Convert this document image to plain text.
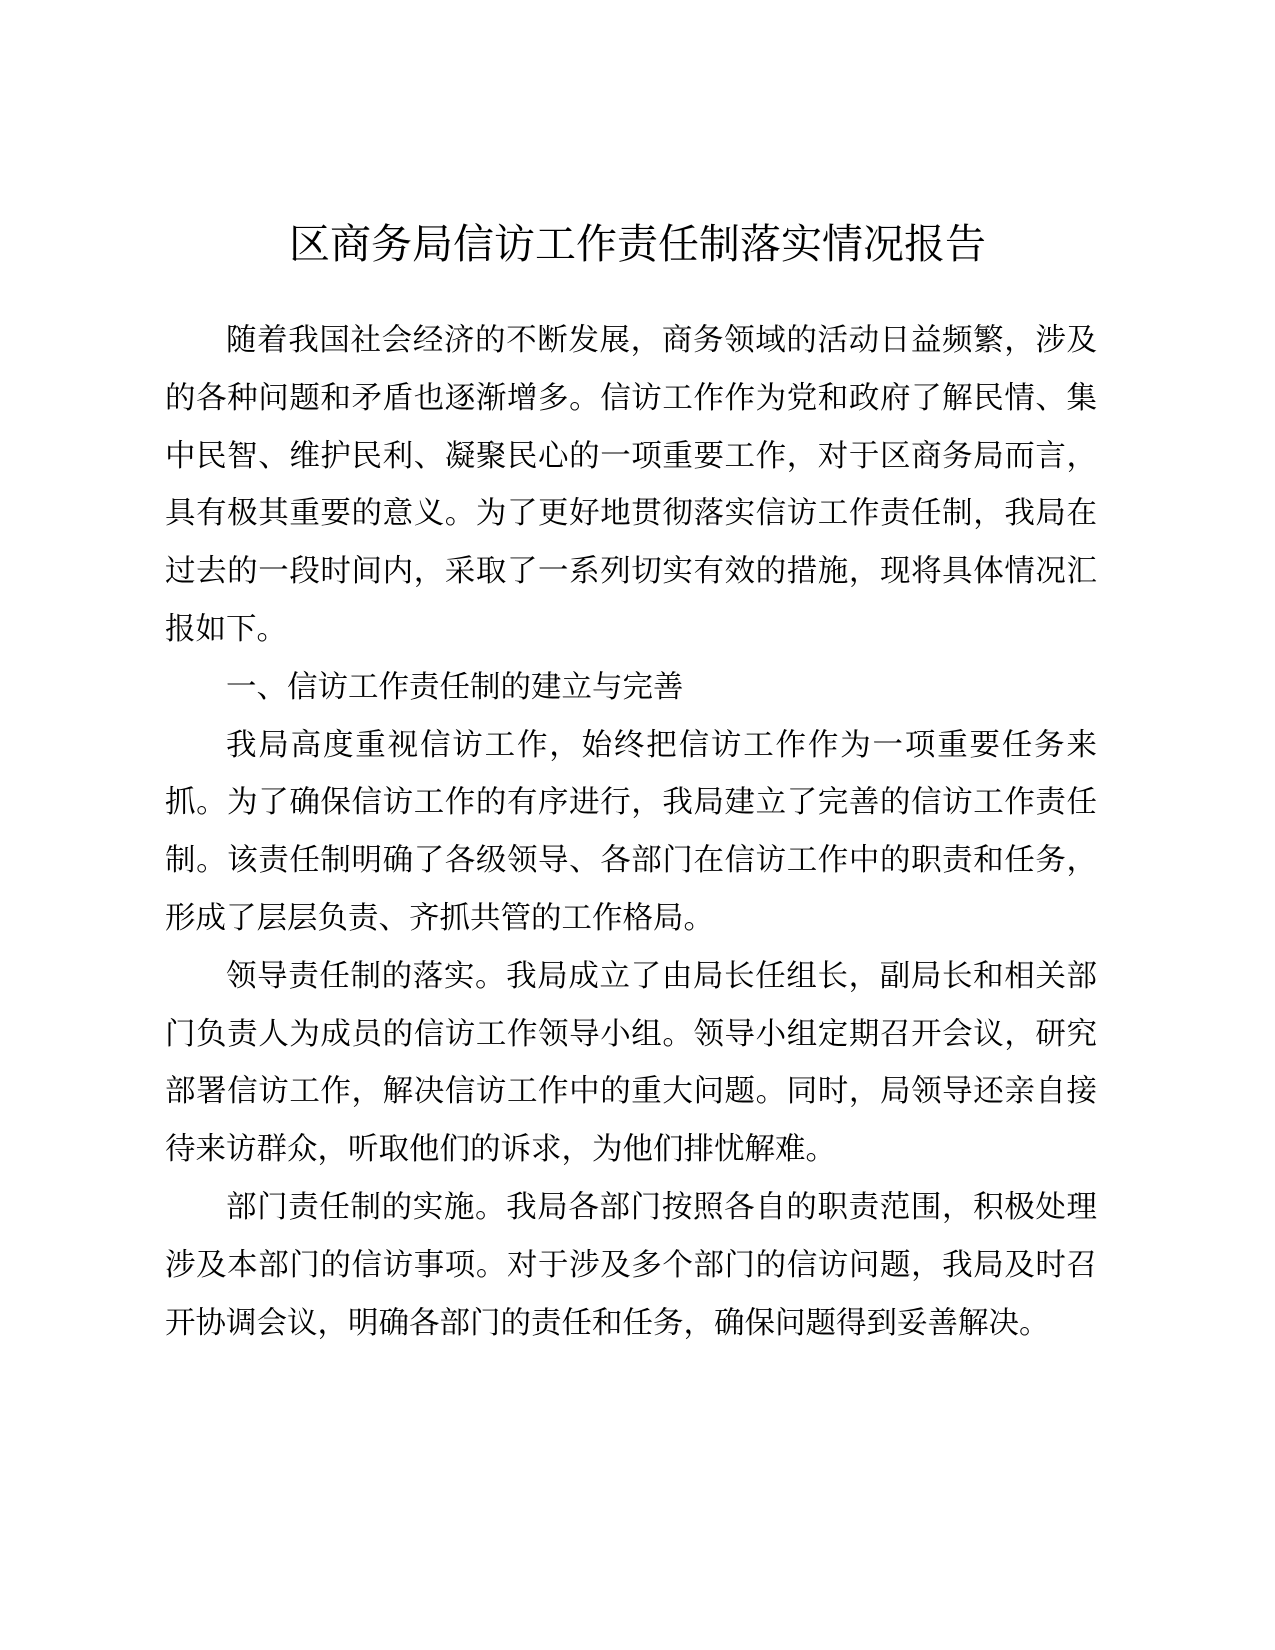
区商务局信访工作责任制落实情况报告

随着我国社会经济的不断发展，商务领域的活动日益频繁，涉及的各种问题和矛盾也逐渐增多。信访工作作为党和政府了解民情、集中民智、维护民利、凝聚民心的一项重要工作，对于区商务局而言，具有极其重要的意义。为了更好地贯彻落实信访工作责任制，我局在过去的一段时间内，采取了一系列切实有效的措施，现将具体情况汇报如下。

一、信访工作责任制的建立与完善

我局高度重视信访工作，始终把信访工作作为一项重要任务来抓。为了确保信访工作的有序进行，我局建立了完善的信访工作责任制。该责任制明确了各级领导、各部门在信访工作中的职责和任务，形成了层层负责、齐抓共管的工作格局。

领导责任制的落实。我局成立了由局长任组长，副局长和相关部门负责人为成员的信访工作领导小组。领导小组定期召开会议，研究部署信访工作，解决信访工作中的重大问题。同时，局领导还亲自接待来访群众，听取他们的诉求，为他们排忧解难。

部门责任制的实施。我局各部门按照各自的职责范围，积极处理涉及本部门的信访事项。对于涉及多个部门的信访问题，我局及时召开协调会议，明确各部门的责任和任务，确保问题得到妥善解决。
